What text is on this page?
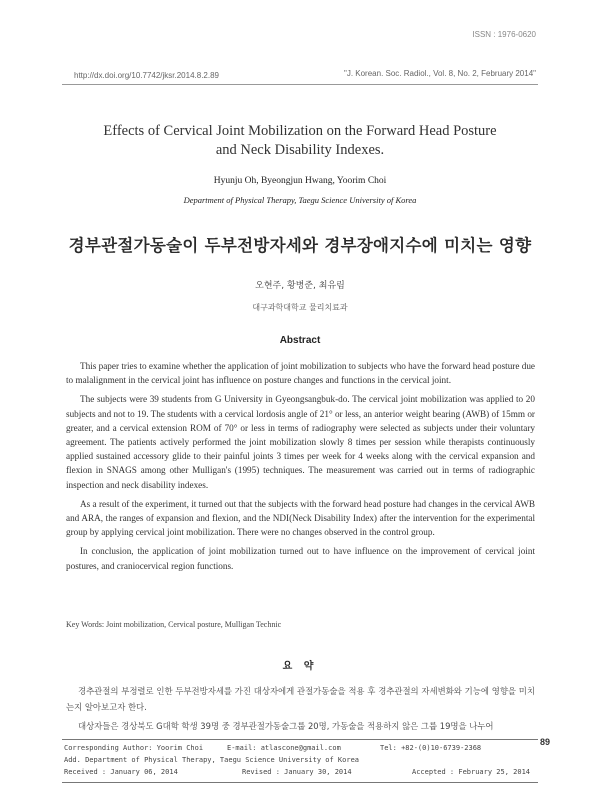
ISSN : 1976-0620
http://dx.doi.org/10.7742/jksr.2014.8.2.89	"J. Korean. Soc. Radiol., Vol. 8, No. 2, February 2014"
Effects of Cervical Joint Mobilization on the Forward Head Posture
and Neck Disability Indexes.
Hyunju Oh, Byeongjun Hwang, Yoorim Choi
Department of Physical Therapy, Taegu Science University of Korea
경부관절가동술이 두부전방자세와 경부장애지수에 미치는 영향
오현주, 황병준, 최유림
대구과학대학교 물리치료과
Abstract

This paper tries to examine whether the application of joint mobilization to subjects who have the forward head posture due to malalignment in the cervical joint has influence on posture changes and functions in the cervical joint.

The subjects were 39 students from G University in Gyeongsangbuk-do. The cervical joint mobilization was applied to 20 subjects and not to 19. The students with a cervical lordosis angle of 21° or less, an anterior weight bearing (AWB) of 15mm or greater, and a cervical extension ROM of 70° or less in terms of radiography were selected as subjects under their voluntary agreement. The patients actively performed the joint mobilization slowly 8 times per session while therapists continuously applied sustained accessory glide to their painful joints 3 times per week for 4 weeks along with the cervical expansion and flexion in SNAGS among other Mulligan's (1995) techniques. The measurement was carried out in terms of radiographic inspection and neck disability indexes.

As a result of the experiment, it turned out that the subjects with the forward head posture had changes in the cervical AWB and ARA, the ranges of expansion and flexion, and the NDI(Neck Disability Index) after the intervention for the experimental group by applying cervical joint mobilization. There were no changes observed in the control group.

In conclusion, the application of joint mobilization turned out to have influence on the improvement of cervical joint postures, and craniocervical region functions.

Key Words: Joint mobilization, Cervical posture, Mulligan Technic
요 약

경추관절의 부정렬로 인한 두부전방자세를 가진 대상자에게 관절가동술을 적용 후 경추관절의 자세변화와 기능에 영향을 미치는지 알아보고자 한다.

대상자들은 경상북도 G대학 학생 39명 중 경부관절가동술그룹 20명, 가동술을 적용하지 않은 그룹 19명을 나누어

Corresponding Author: Yoorim Choi	E-mail: atlascone@gmail.com	Tel: +82-(0)10-6739-2368
Add. Department of Physical Therapy, Taegu Science University of Korea
Received : January 06, 2014	Revised : January 30, 2014	Accepted : February 25, 2014
89
